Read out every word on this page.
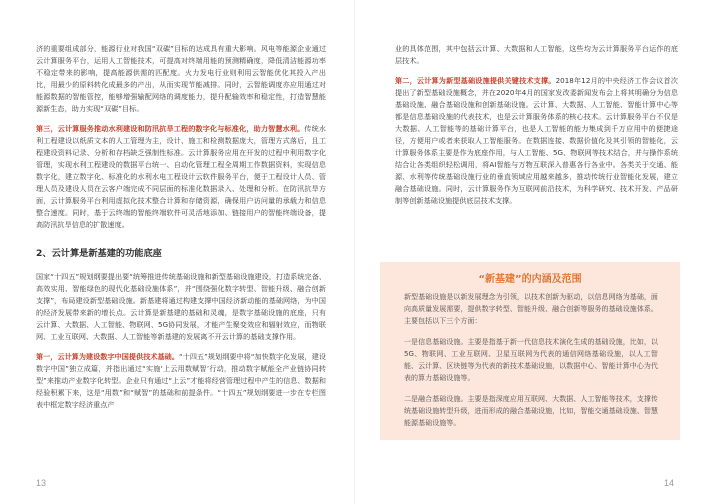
济的重要组成部分，能源行业对我国“双碳”目标的达成具有重大影响。风电等能源企业通过云计算服务平台，运用人工智能技术，可提高对终端用能的预测精确度，降低清洁能源功率不稳定带来的影响，提高能源供需的匹配度。火力发电行业则利用云智能优化其投入产出比，用最少的原料转化成最多的产出，从而实现节能减排。同时，云智能调度亦应用通过对能源数据的智能管控，能够增强输配网络的调度能力，提升配输效率和稳定性，打造智慧能源新生态，助力实现“双碳”目标。

第三，云计算服务推动水利建设和防汛抗旱工程的数字化与标准化，助力智慧水利。传统水利工程建设以纸质文本的人工管理为主，设计、施工和检测数据庞大，管理方式落后，且工程建设资料记录、分析和存档缺乏强制性标准。云计算服务应用在开发的过程中利用数字化管理，实现水利工程建设的数据平台统一、自动化管理工程全周期工作数据资料，实现信息数字化，建立数字化、标准化的水利水电工程设计云软件服务平台，便于工程设计人员、管理人员及建设人员在云客户端完成不同层面的标准化数据录入、处理和分析。在防汛抗旱方面，云计算服务平台利用虚拟化技术整合计算和存储资源，确保用户访问量的承载力和信息整合速度。同时，基于云终端的智能终端软件可灵活地添加、链接用户的智能终端设备，提高防汛抗旱信息的扩散速度。

2、云计算是新基建的功能底座

国家“十四五”规划纲要提出要“统筹推进传统基础设施和新型基础设施建设，打造系统完备、高效实用、智能绿色的现代化基础设施体系”，并“围绕强化数字转型、智能升级、融合创新支撑”，布局建设新型基础设施。新基建将通过构建支撑中国经济新动能的基础网络，为中国的经济发展带来新的增长点。云计算是新基建的基础和灵魂，是数字基础设施的底座，只有云计算、大数据、人工智能、物联网、5G协同发展，才能产生聚变效应和辐射效应，而物联网、工业互联网、大数据、人工智能等新基建的发展离不开云计算的基础支撑作用。

第一，云计算为建设数字中国提供技术基础。“十四五”规划纲要中将“加快数字化发展，建设数字中国”独立成篇，并指出通过“实施‘上云用数赋智’行动，推动数字赋能全产业链协同转型”来推动产业数字化转型。企业只有通过“上云”才能将经营管理过程中产生的信息、数据和经验积累下来，这是“用数”和“赋智”的基础和前提条件。“十四五”规划纲要进一步在专栏图表中框定数字经济重点产

13

业的具体范围，其中包括云计算、大数据和人工智能，这些均为云计算服务平台运作的底层技术。

第二，云计算为新型基础设施提供关键技术支撑。2018年12月的中央经济工作会议首次提出了新型基础设施概念，并在2020年4月的国家发改委新闻发布会上将其明确分为信息基础设施、融合基础设施和创新基础设施。云计算、大数据、人工智能、智能计算中心等都是信息基础设施的代表技术，也是云计算服务体系的核心技术。云计算服务平台不仅是大数据、人工智能等的基础计算平台，也是人工智能的能力集成到千万应用中的便捷途径，方便用户或者来获取人工智能服务。在数据连接、数据价值化及其引领的智能化，云计算服务体系主要是作为底座作用，与人工智能、5G、物联网等技术结合，并与操作系统结合让各类组织轻松调用，将AI智能与万物互联深入普惠各行各业中。各类关于交通、能源、水利等传统基础设施行业的垂直领域应用越来越多，推动传统行业智能化发展，建立融合基础设施。同时，云计算服务作为互联网前沿技术，为科学研究、技术开发、产品研制等创新基础设施提供底层技术支撑。

14
“新基建”的内涵及范围

新型基础设施是以新发展理念为引领，以技术创新为驱动，以信息网络为基础，面向高质量发展需要，提供数字转型、智能升级、融合创新等服务的基础设施体系。主要包括以下三个方面：

一是信息基础设施。主要是指基于新一代信息技术演化生成的基础设施，比如，以5G、物联网、工业互联网、卫星互联网为代表的通信网络基础设施，以人工智能、云计算、区块链等为代表的新技术基础设施，以数据中心、智能计算中心为代表的算力基础设施等。

二是融合基础设施。主要是指深度应用互联网、大数据、人工智能等技术，支撑传统基础设施转型升级，进而形成的融合基础设施，比如，智能交通基础设施、智慧能源基础设施等。
